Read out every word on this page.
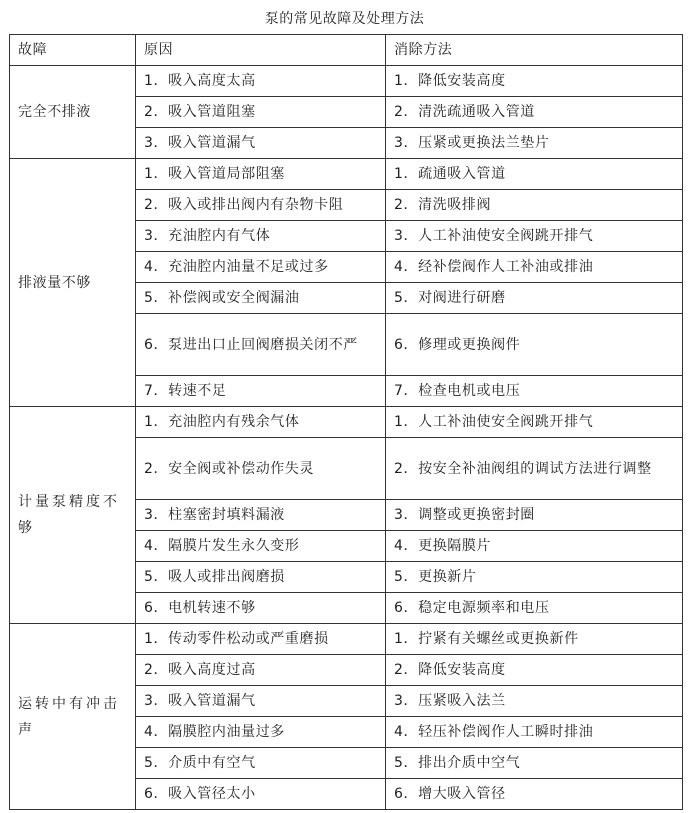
泵的常见故障及处理方法
故障	原因	消除方法
完全不排液	1．吸入高度太高	1．降低安装高度
	2．吸入管道阻塞	2．清洗疏通吸入管道
	3．吸入管道漏气	3．压紧或更换法兰垫片
排液量不够	1．吸入管道局部阻塞	1．疏通吸入管道
	2．吸入或排出阀内有杂物卡阻	2．清洗吸排阀
	3．充油腔内有气体	3．人工补油使安全阀跳开排气
	4．充油腔内油量不足或过多	4．经补偿阀作人工补油或排油
	5．补偿阀或安全阀漏油	5．对阀进行研磨
	6．泵进出口止回阀磨损关闭不严	6．修理或更换阀件
	7．转速不足	7．检查电机或电压
计量泵精度不够	1．充油腔内有残余气体	1．人工补油使安全阀跳开排气
	2．安全阀或补偿动作失灵	2．按安全补油阀组的调试方法进行调整
	3．柱塞密封填料漏液	3．调整或更换密封圈
	4．隔膜片发生永久变形	4．更换隔膜片
	5．吸人或排出阀磨损	5．更换新片
	6．电机转速不够	6．稳定电源频率和电压
运转中有冲击声	1．传动零件松动或严重磨损	1．拧紧有关螺丝或更换新件
	2．吸入高度过高	2．降低安装高度
	3．吸入管道漏气	3．压紧吸入法兰
	4．隔膜腔内油量过多	4．轻压补偿阀作人工瞬时排油
	5．介质中有空气	5．排出介质中空气
	6．吸入管径太小	6．增大吸入管径
